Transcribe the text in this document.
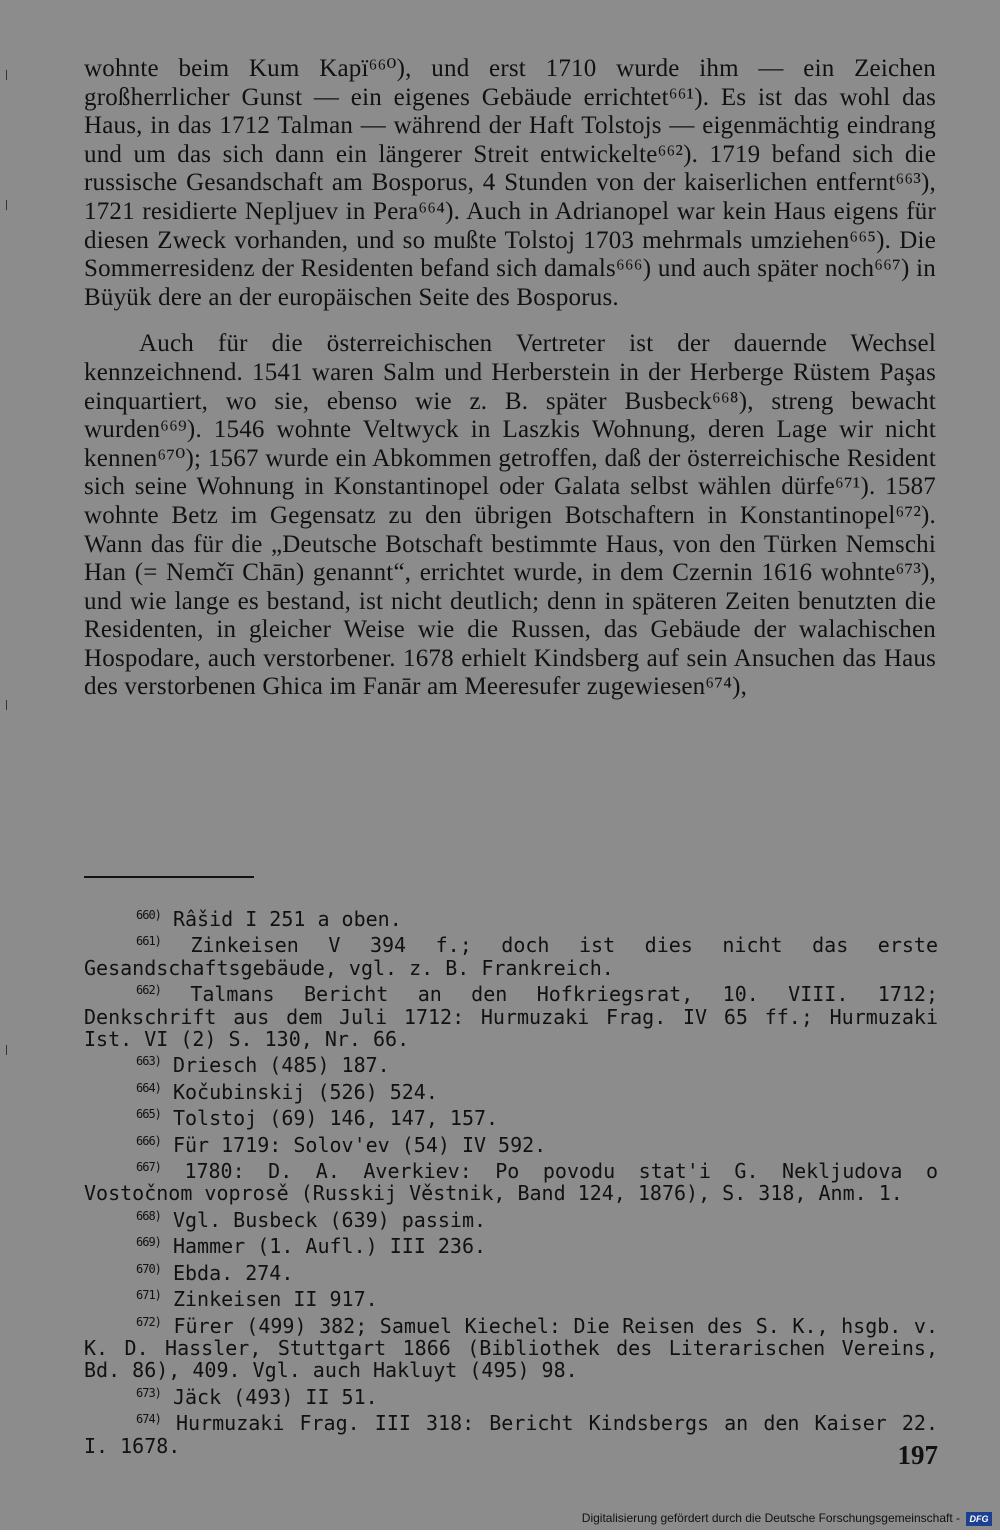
wohnte beim Kum Kapï⁶⁶⁰), und erst 1710 wurde ihm — ein Zeichen großherrlicher Gunst — ein eigenes Gebäude errichtet⁶⁶¹). Es ist das wohl das Haus, in das 1712 Talman — während der Haft Tolstojs — eigenmächtig eindrang und um das sich dann ein längerer Streit entwickelte⁶⁶²). 1719 befand sich die russische Gesandschaft am Bosporus, 4 Stunden von der kaiserlichen entfernt⁶⁶³), 1721 residierte Nepljuev in Pera⁶⁶⁴). Auch in Adrianopel war kein Haus eigens für diesen Zweck vorhanden, und so mußte Tolstoj 1703 mehrmals umziehen⁶⁶⁵). Die Sommerresidenz der Residenten befand sich damals⁶⁶⁶) und auch später noch⁶⁶⁷) in Büyük dere an der europäischen Seite des Bosporus.

Auch für die österreichischen Vertreter ist der dauernde Wechsel kennzeichnend. 1541 waren Salm und Herberstein in der Herberge Rüstem Paşas einquartiert, wo sie, ebenso wie z. B. später Busbeck⁶⁶⁸), streng bewacht wurden⁶⁶⁹). 1546 wohnte Veltwyck in Laszkis Wohnung, deren Lage wir nicht kennen⁶⁷⁰); 1567 wurde ein Abkommen getroffen, daß der österreichische Resident sich seine Wohnung in Konstantinopel oder Galata selbst wählen dürfe⁶⁷¹). 1587 wohnte Betz im Gegensatz zu den übrigen Botschaftern in Konstantinopel⁶⁷²). Wann das für die „Deutsche Botschaft bestimmte Haus, von den Türken Nemschi Han (= Nemčī Chān) genannt“, errichtet wurde, in dem Czernin 1616 wohnte⁶⁷³), und wie lange es bestand, ist nicht deutlich; denn in späteren Zeiten benutzten die Residenten, in gleicher Weise wie die Russen, das Gebäude der walachischen Hospodare, auch verstorbener. 1678 erhielt Kindsberg auf sein Ansuchen das Haus des verstorbenen Ghica im Fanār am Meeresufer zugewiesen⁶⁷⁴),

$^{660)}$ Râšid I 251 a oben.

$^{661)}$ Zinkeisen V 394 f.; doch ist dies nicht das erste Gesandschaftsgebäude, vgl. z. B. Frankreich.

$^{662)}$ Talmans Bericht an den Hofkriegsrat, 10. VIII. 1712; Denkschrift aus dem Juli 1712: Hurmuzaki Frag. IV 65 ff.; Hurmuzaki Ist. VI (2) S. 130, Nr. 66.

$^{663)}$ Driesch (485) 187.

$^{664)}$ Kočubinskij (526) 524.

$^{665)}$ Tolstoj (69) 146, 147, 157.

$^{666)}$ Für 1719: Solov'ev (54) IV 592.

$^{667)}$ 1780: D. A. Averkiev: Po povodu stat'i G. Nekljudova o Vostočnom voprosě (Russkij Věstnik, Band 124, 1876), S. 318, Anm. 1.

$^{668)}$ Vgl. Busbeck (639) passim.

$^{669)}$ Hammer (1. Aufl.) III 236.

$^{670)}$ Ebda. 274.

$^{671)}$ Zinkeisen II 917.

$^{672)}$ Fürer (499) 382; Samuel Kiechel: Die Reisen des S. K., hsgb. v. K. D. Hassler, Stuttgart 1866 (Bibliothek des Literarischen Vereins, Bd. 86), 409. Vgl. auch Hakluyt (495) 98.

$^{673)}$ Jäck (493) II 51.

$^{674)}$ Hurmuzaki Frag. III 318: Bericht Kindsbergs an den Kaiser 22. I. 1678.	197
Digitalisierung gefördert durch die Deutsche Forschungsgemeinschaft -	DFG
